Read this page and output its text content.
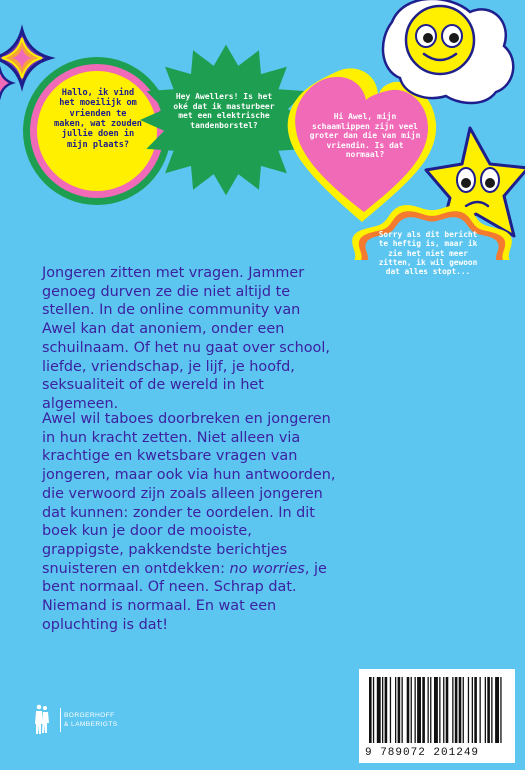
Hallo, ik vind het moeilijk om vrienden te maken, wat zouden jullie doen in mijn plaats?
Hey Awellers! Is het oké dat ik masturbeer met een elektrische tandenborstel?
Hi Awel, mijn schaamlippen zijn veel groter dan die van mijn vriendin. Is dat normaal?
Sorry als dit bericht te heftig is, maar ik zie het niet meer zitten, ik wil gewoon dat alles stopt...

Jongeren zitten met vragen. Jammer genoeg durven ze die niet altijd te stellen. In de online community van Awel kan dat anoniem, onder een schuilnaam. Of het nu gaat over school, liefde, vriendschap, je lijf, je hoofd, seksualiteit of de wereld in het algemeen.

Awel wil taboes doorbreken en jongeren in hun kracht zetten. Niet alleen via krachtige en kwetsbare vragen van jongeren, maar ook via hun antwoorden, die verwoord zijn zoals alleen jongeren dat kunnen: zonder te oordelen. In dit boek kun je door de mooiste, grappigste, pakkendste berichtjes snuisteren en ontdekken: no worries, je bent normaal. Of neen. Schrap dat. Niemand is normaal. En wat een opluchting is dat!

BORGERHOFF
& LAMBERIGTS
9 789072 201249
